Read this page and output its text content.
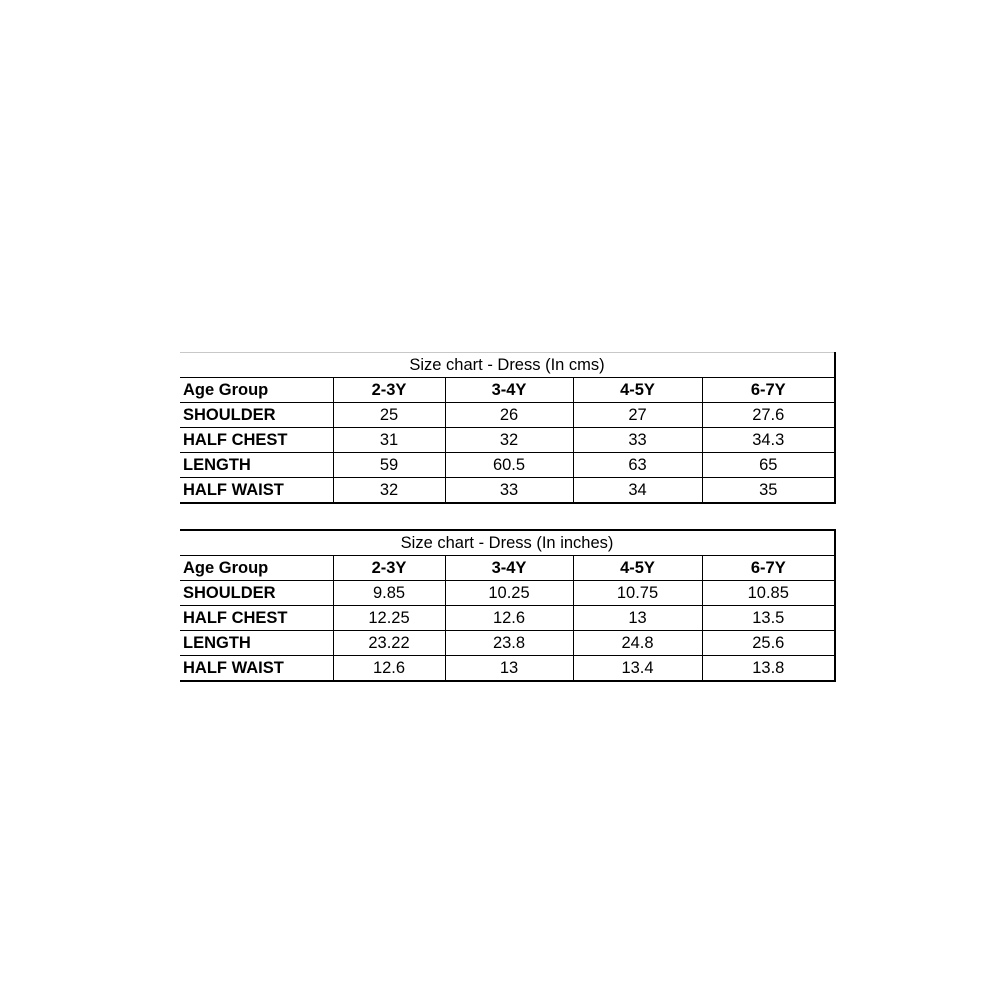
Size chart - Dress (In cms)				
Age Group	2-3Y	3-4Y	4-5Y	6-7Y
SHOULDER	25	26	27	27.6
HALF CHEST	31	32	33	34.3
LENGTH	59	60.5	63	65
HALF WAIST	32	33	34	35
Size chart - Dress (In inches)				
Age Group	2-3Y	3-4Y	4-5Y	6-7Y
SHOULDER	9.85	10.25	10.75	10.85
HALF CHEST	12.25	12.6	13	13.5
LENGTH	23.22	23.8	24.8	25.6
HALF WAIST	12.6	13	13.4	13.8
